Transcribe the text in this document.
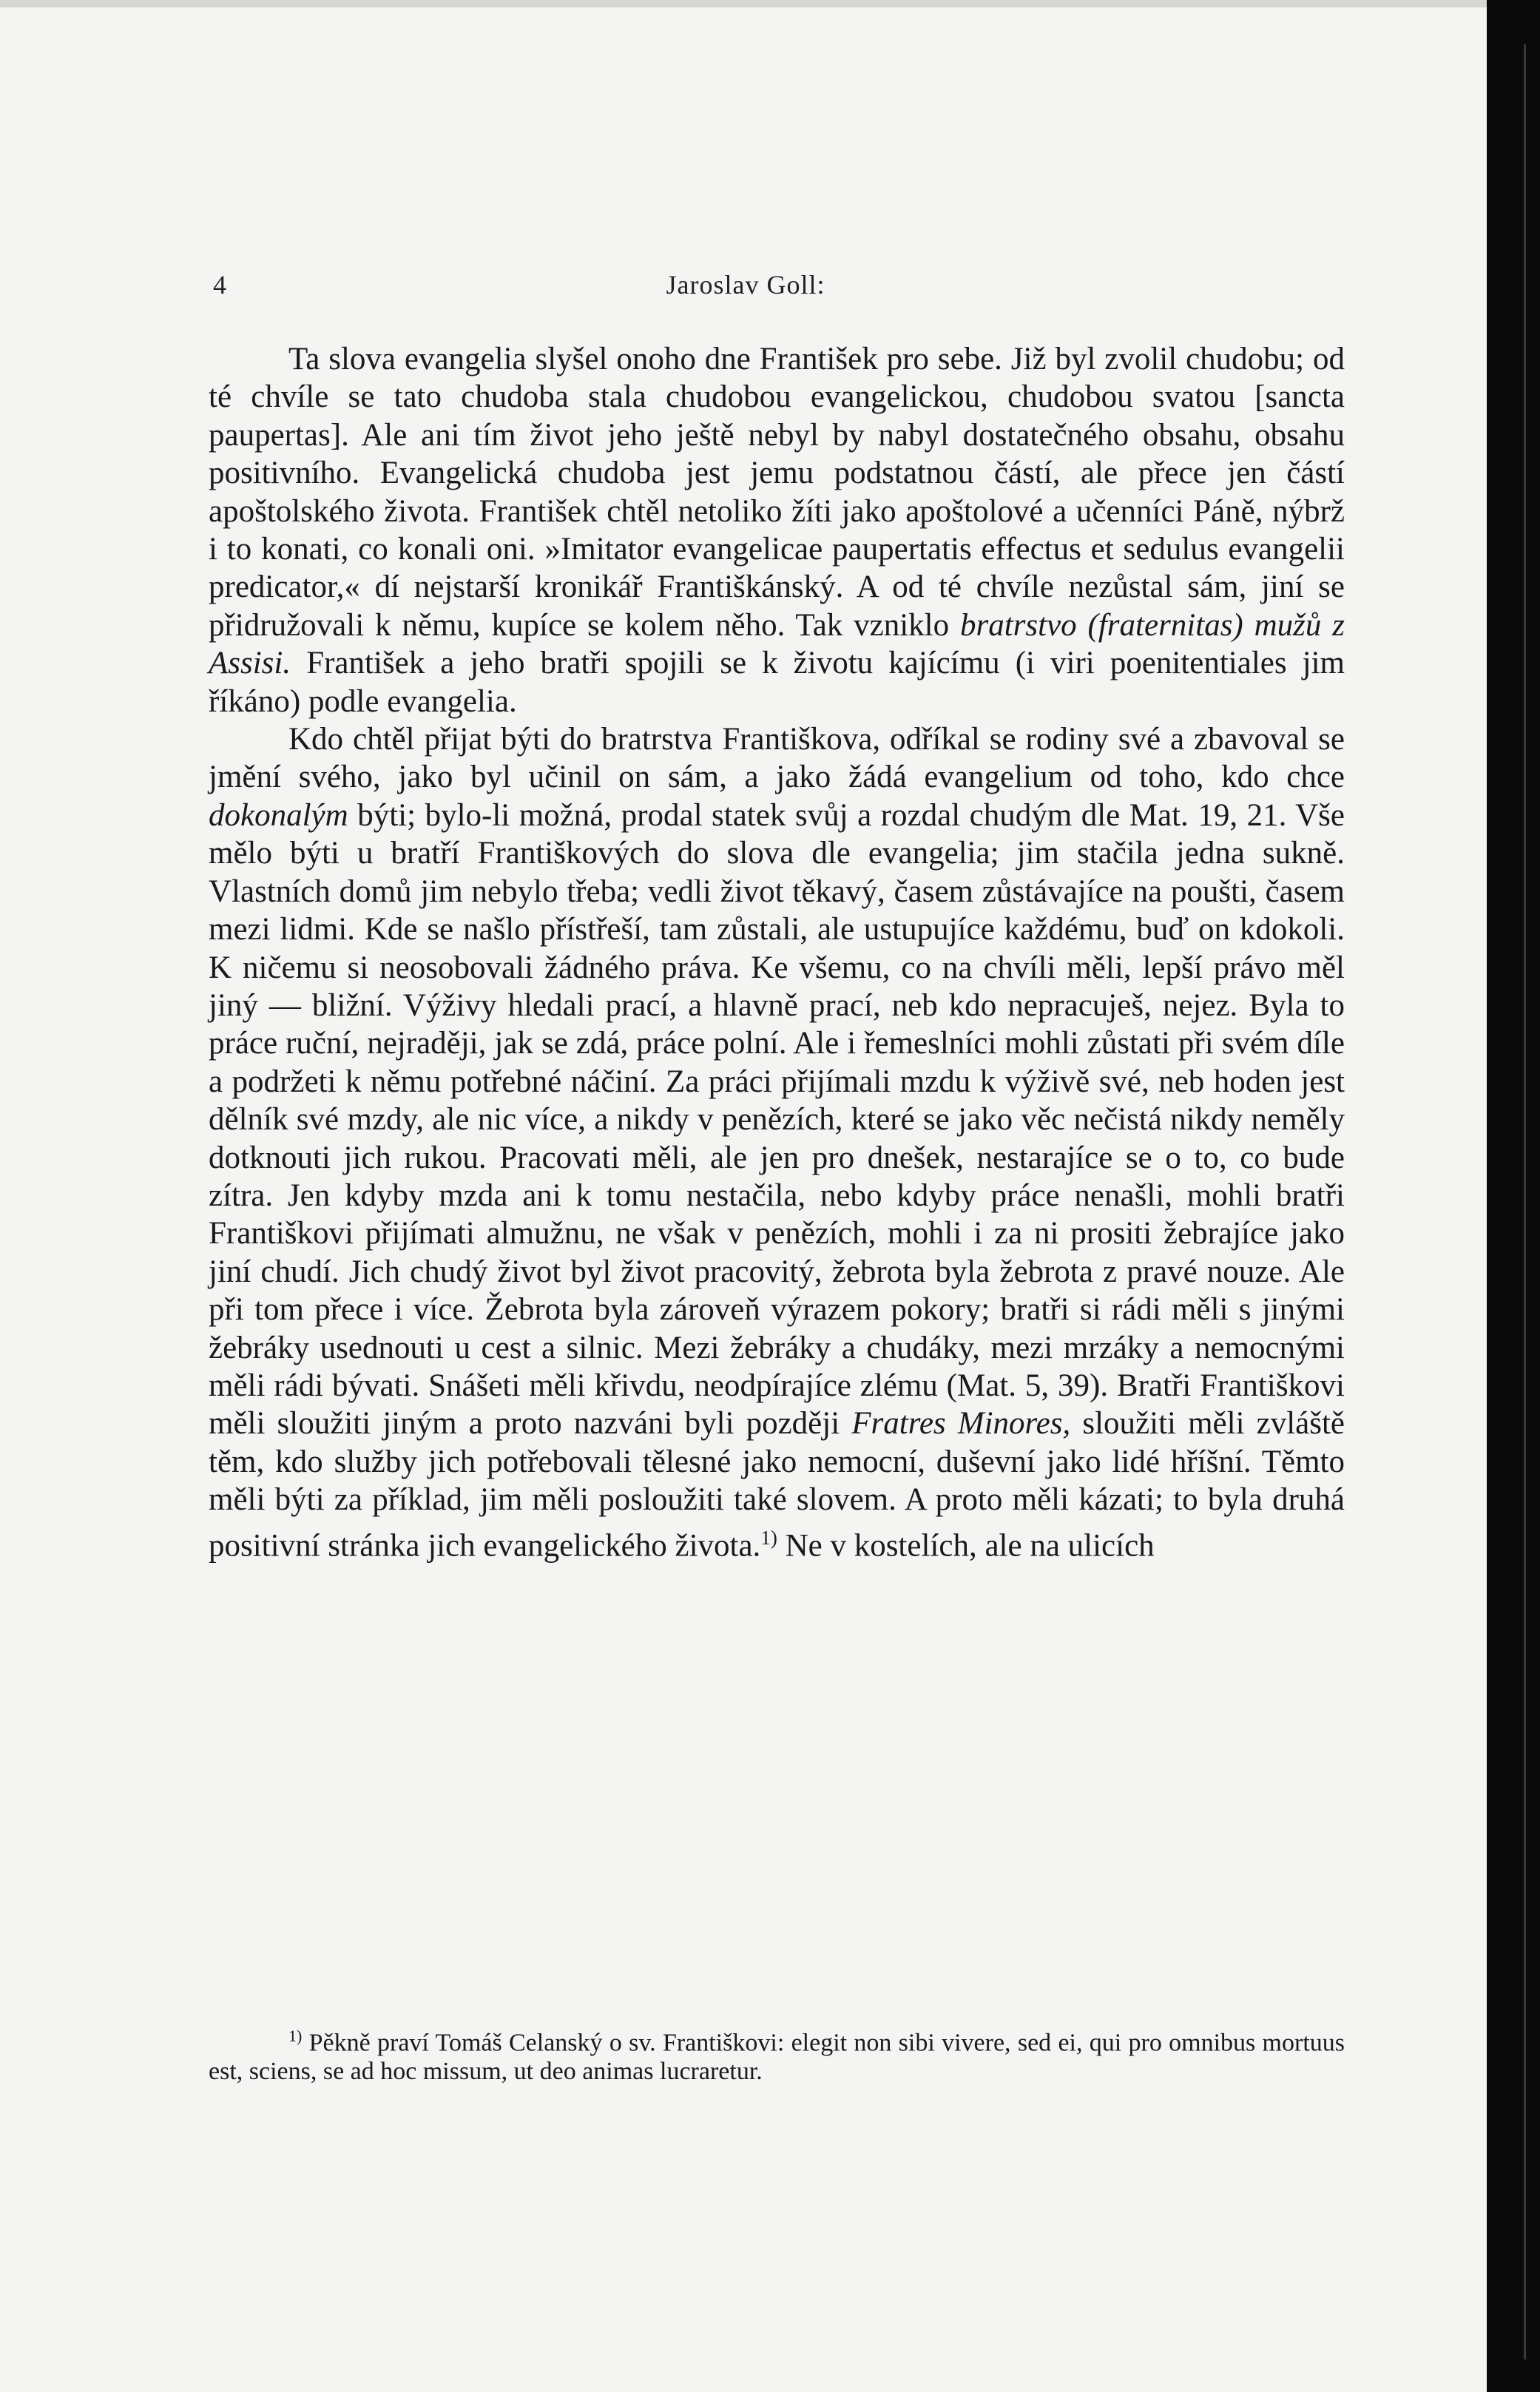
4	Jaroslav Goll:

Ta slova evangelia slyšel onoho dne František pro sebe. Již byl zvolil chudobu; od té chvíle se tato chudoba stala chudobou evangelickou, chudobou svatou [sancta paupertas]. Ale ani tím život jeho ještě nebyl by nabyl dostatečného obsahu, obsahu positivního. Evangelická chudoba jest jemu podstatnou částí, ale přece jen částí apoštolského života. František chtěl netoliko žíti jako apoštolové a učenníci Páně, nýbrž i to konati, co konali oni. »Imitator evangelicae paupertatis effectus et sedulus evangelii predicator,« dí nejstarší kronikář Františkánský. A od té chvíle nezůstal sám, jiní se přidružovali k němu, kupíce se kolem něho. Tak vzniklo bratrstvo (fraternitas) mužů z Assisi. František a jeho bratři spojili se k životu kajícímu (i viri poenitentiales jim říkáno) podle evangelia.

Kdo chtěl přijat býti do bratrstva Františkova, odříkal se rodiny své a zbavoval se jmění svého, jako byl učinil on sám, a jako žádá evangelium od toho, kdo chce dokonalým býti; bylo-li možná, prodal statek svůj a rozdal chudým dle Mat. 19, 21. Vše mělo býti u bratří Františkových do slova dle evangelia; jim stačila jedna sukně. Vlastních domů jim nebylo třeba; vedli život těkavý, časem zůstávajíce na poušti, časem mezi lidmi. Kde se našlo přístřeší, tam zůstali, ale ustupujíce každému, buď on kdokoli. K ničemu si neosobovali žádného práva. Ke všemu, co na chvíli měli, lepší právo měl jiný — bližní. Výživy hledali prací, a hlavně prací, neb kdo nepracuješ, nejez. Byla to práce ruční, nejraději, jak se zdá, práce polní. Ale i řemeslníci mohli zůstati při svém díle a podržeti k němu potřebné náčiní. Za práci přijímali mzdu k výživě své, neb hoden jest dělník své mzdy, ale nic více, a nikdy v penězích, které se jako věc nečistá nikdy neměly dotknouti jich rukou. Pracovati měli, ale jen pro dnešek, nestarajíce se o to, co bude zítra. Jen kdyby mzda ani k tomu nestačila, nebo kdyby práce nenašli, mohli bratři Františkovi přijímati almužnu, ne však v penězích, mohli i za ni prositi žebrajíce jako jiní chudí. Jich chudý život byl život pracovitý, žebrota byla žebrota z pravé nouze. Ale při tom přece i více. Žebrota byla zároveň výrazem pokory; bratři si rádi měli s jinými žebráky usednouti u cest a silnic. Mezi žebráky a chudáky, mezi mrzáky a nemocnými měli rádi bývati. Snášeti měli křivdu, neodpírajíce zlému (Mat. 5, 39). Bratři Františkovi měli sloužiti jiným a proto nazváni byli později Fratres Minores, sloužiti měli zvláště těm, kdo služby jich potřebovali tělesné jako nemocní, duševní jako lidé hříšní. Těmto měli býti za příklad, jim měli posloužiti také slovem. A proto měli kázati; to byla druhá positivní stránka jich evangelického života.$^{1)}$ Ne v kostelích, ale na ulicích

$^{1)}$ Pěkně praví Tomáš Celanský o sv. Františkovi: elegit non sibi vivere, sed ei, qui pro omnibus mortuus est, sciens, se ad hoc missum, ut deo animas lucraretur.
